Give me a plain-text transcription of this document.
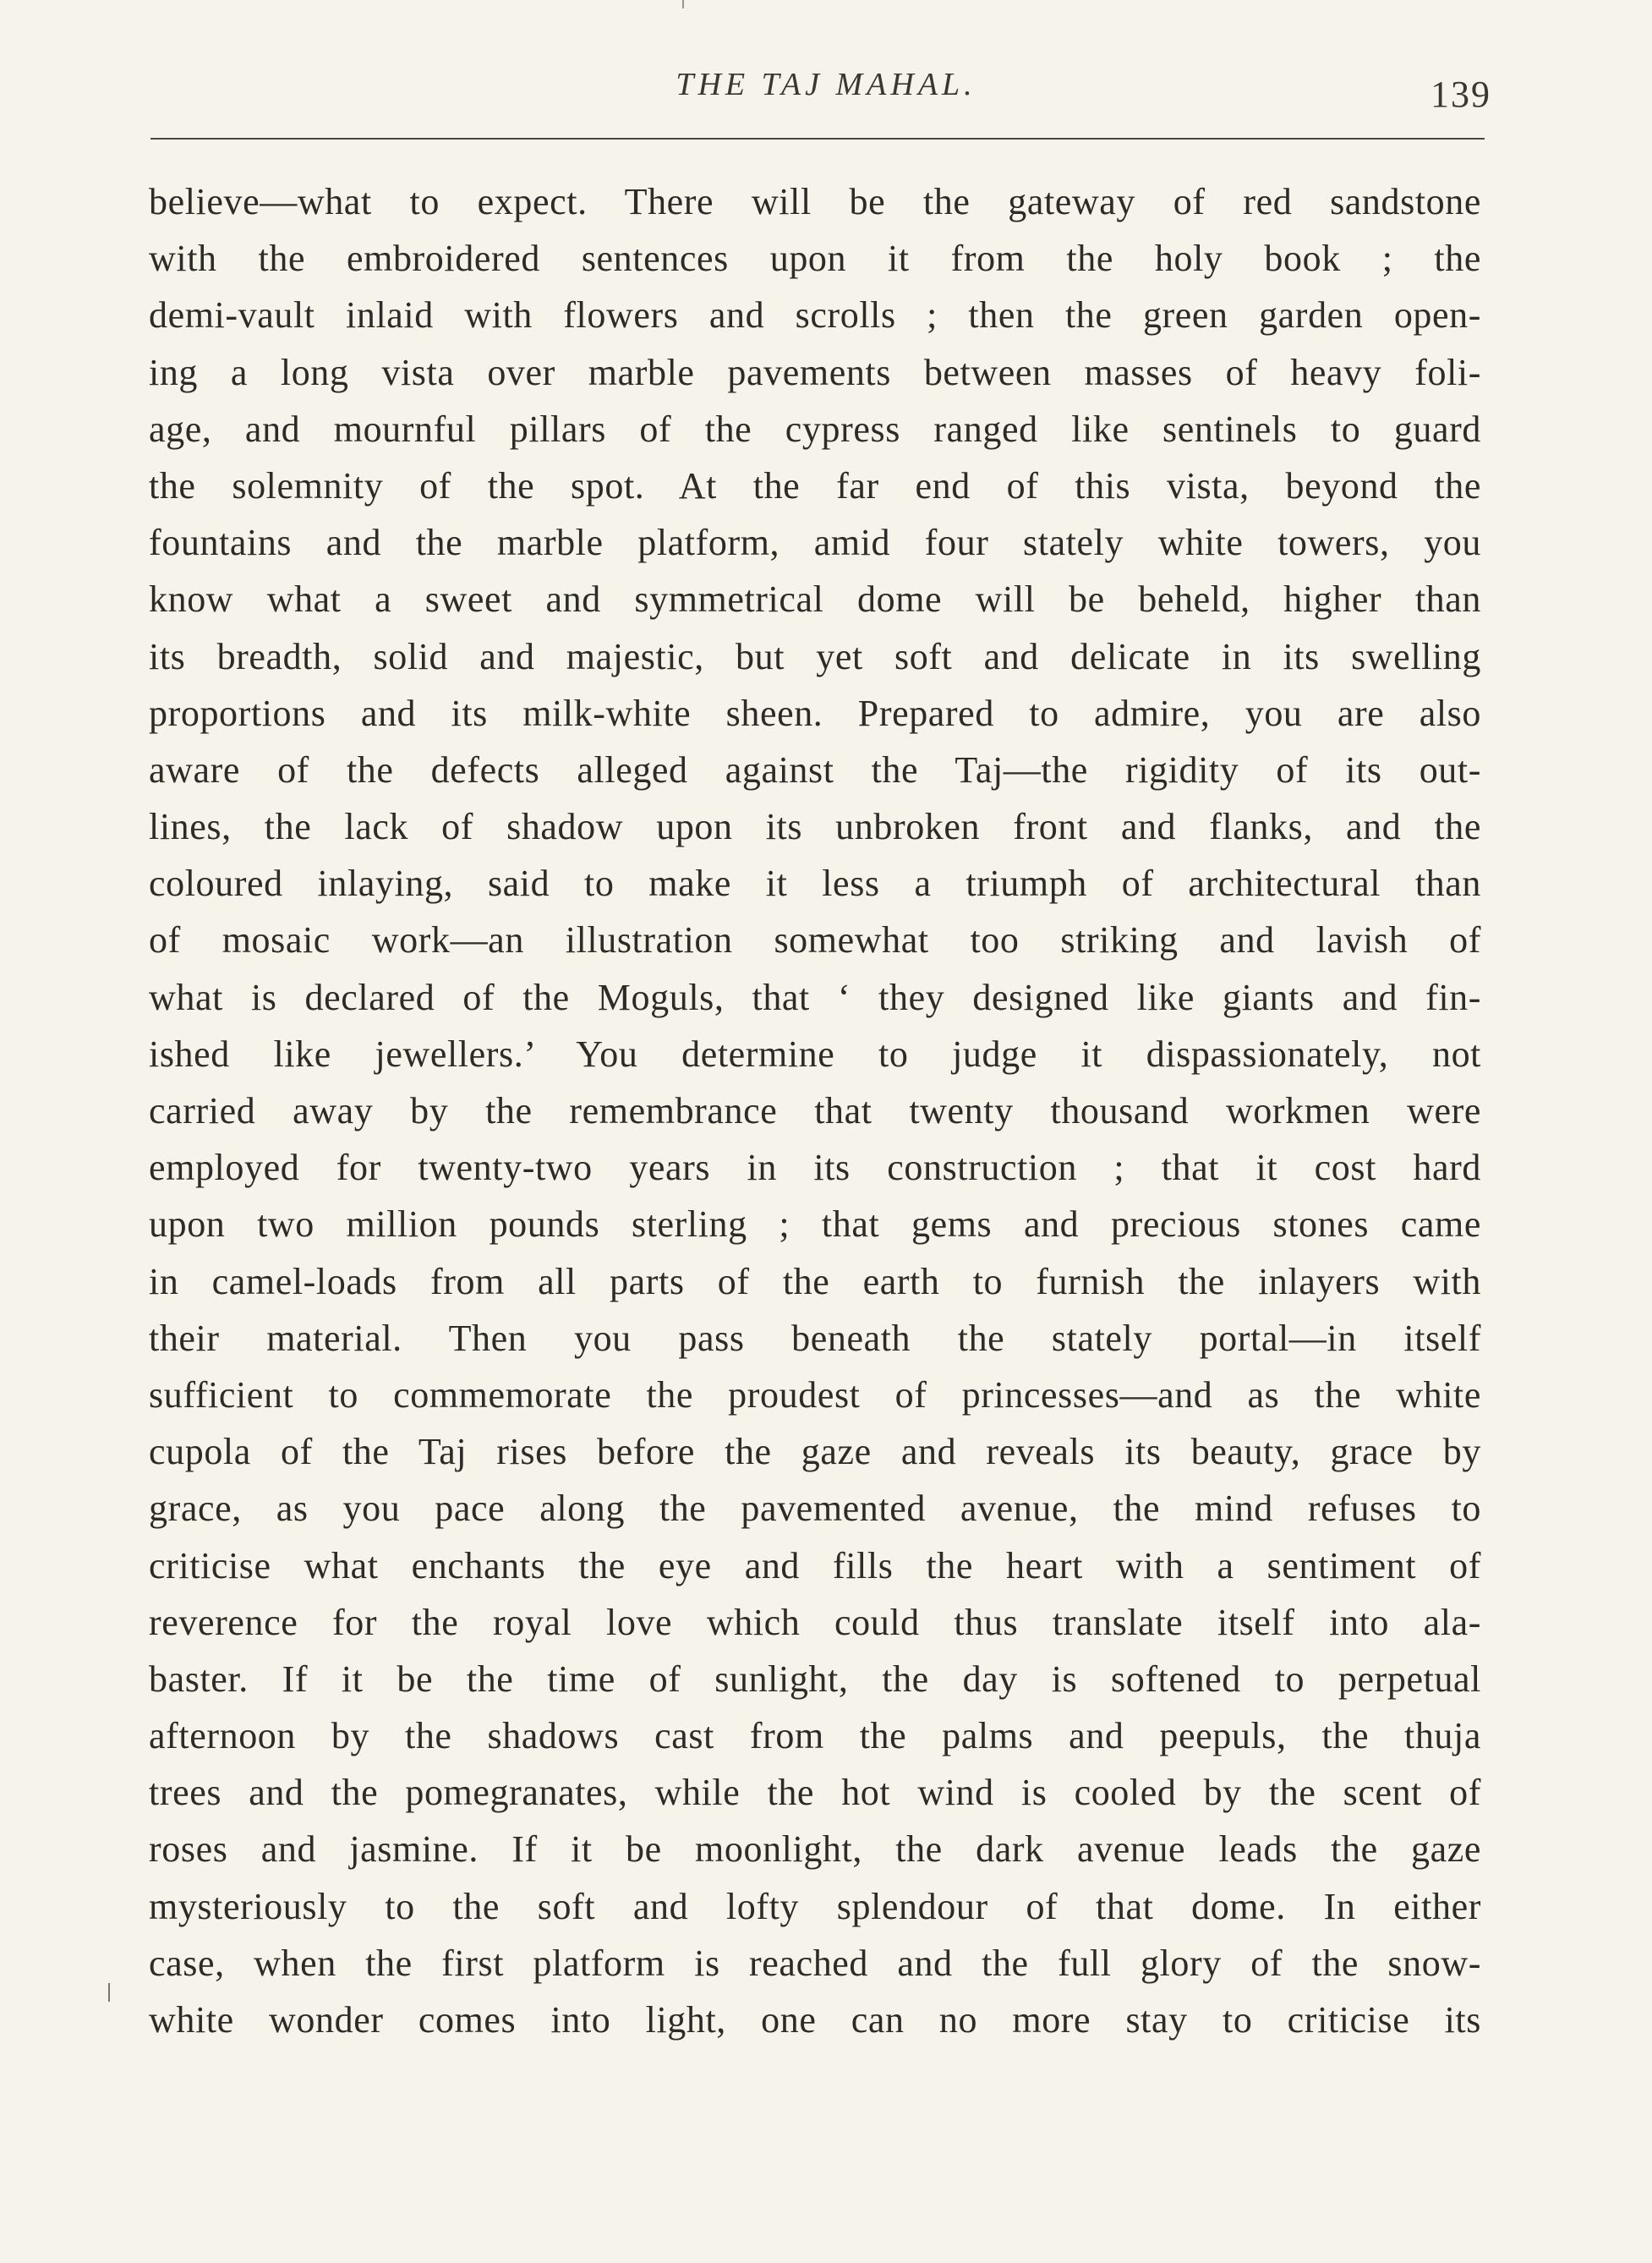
THE TAJ MAHAL.	139
believe—what to expect. There will be the gateway of red sandstone
with the embroidered sentences upon it from the holy book ; the
demi-vault inlaid with flowers and scrolls ; then the green garden open-
ing a long vista over marble pavements between masses of heavy foli-
age, and mournful pillars of the cypress ranged like sentinels to guard
the solemnity of the spot. At the far end of this vista, beyond the
fountains and the marble platform, amid four stately white towers, you
know what a sweet and symmetrical dome will be beheld, higher than
its breadth, solid and majestic, but yet soft and delicate in its swelling
proportions and its milk-white sheen. Prepared to admire, you are also
aware of the defects alleged against the Taj—the rigidity of its out-
lines, the lack of shadow upon its unbroken front and flanks, and the
coloured inlaying, said to make it less a triumph of architectural than
of mosaic work—an illustration somewhat too striking and lavish of
what is declared of the Moguls, that ‘ they designed like giants and fin-
ished like jewellers.’ You determine to judge it dispassionately, not
carried away by the remembrance that twenty thousand workmen were
employed for twenty-two years in its construction ; that it cost hard
upon two million pounds sterling ; that gems and precious stones came
in camel-loads from all parts of the earth to furnish the inlayers with
their material. Then you pass beneath the stately portal—in itself
sufficient to commemorate the proudest of princesses—and as the white
cupola of the Taj rises before the gaze and reveals its beauty, grace by
grace, as you pace along the pavemented avenue, the mind refuses to
criticise what enchants the eye and fills the heart with a sentiment of
reverence for the royal love which could thus translate itself into ala-
baster. If it be the time of sunlight, the day is softened to perpetual
afternoon by the shadows cast from the palms and peepuls, the thuja
trees and the pomegranates, while the hot wind is cooled by the scent of
roses and jasmine. If it be moonlight, the dark avenue leads the gaze
mysteriously to the soft and lofty splendour of that dome. In either
case, when the first platform is reached and the full glory of the snow-
white wonder comes into light, one can no more stay to criticise its
